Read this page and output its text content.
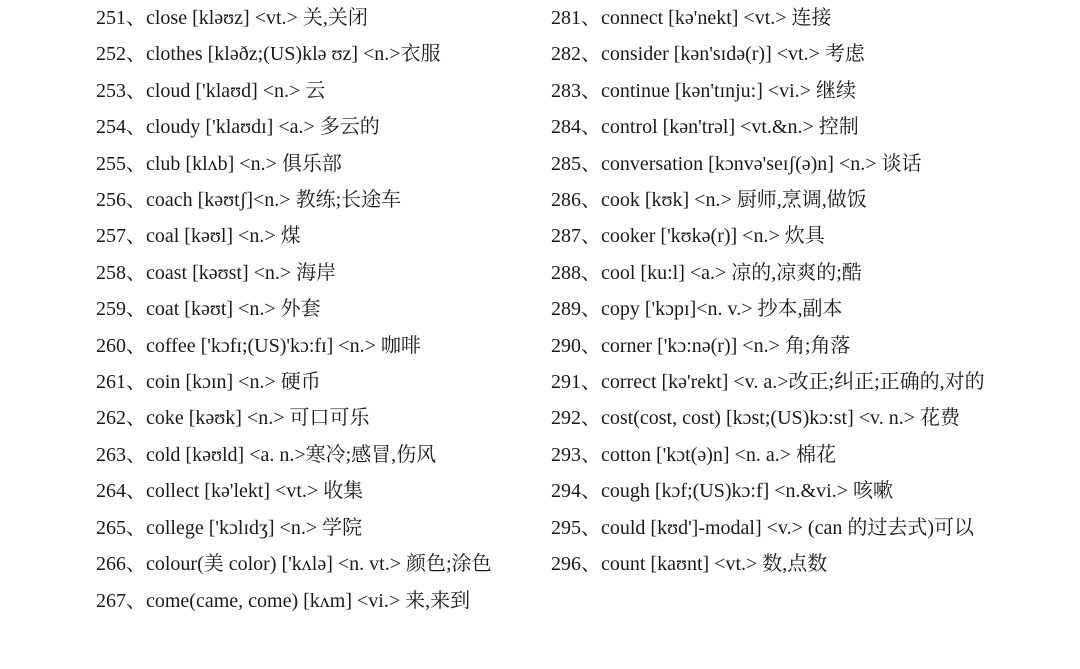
251、close [kləʊz] <vt.> 关,关闭
252、clothes [kləðz;(US)klə ʊz] <n.>衣服
253、cloud ['klaʊd] <n.> 云
254、cloudy ['klaʊdɪ] <a.> 多云的
255、club [klʌb] <n.> 俱乐部
256、coach [kəʊtʃ]<n.> 教练;长途车
257、coal [kəʊl] <n.> 煤
258、coast [kəʊst] <n.> 海岸
259、coat [kəʊt] <n.> 外套
260、coffee ['kɔfɪ;(US)'kɔ:fɪ] <n.> 咖啡
261、coin [kɔɪn] <n.> 硬币
262、coke [kəʊk] <n.> 可口可乐
263、cold [kəʊld] <a. n.>寒冷;感冒,伤风
264、collect [kə'lekt] <vt.> 收集
265、college ['kɔlɪdʒ] <n.> 学院
266、colour(美 color) ['kʌlə] <n. vt.> 颜色;涂色
267、come(came, come) [kʌm] <vi.> 来,来到
281、connect [kə'nekt] <vt.> 连接
282、consider [kən'sɪdə(r)] <vt.> 考虑
283、continue [kən'tɪnju:] <vi.> 继续
284、control [kən'trəl] <vt.&n.> 控制
285、conversation [kɔnvə'seɪʃ(ə)n] <n.> 谈话
286、cook [kʊk] <n.> 厨师,烹调,做饭
287、cooker ['kʊkə(r)] <n.> 炊具
288、cool [ku:l] <a.> 凉的,凉爽的;酷
289、copy ['kɔpɪ]<n. v.> 抄本,副本
290、corner ['kɔ:nə(r)] <n.> 角;角落
291、correct [kə'rekt] <v. a.>改正;纠正;正确的,对的
292、cost(cost, cost) [kɔst;(US)kɔ:st] <v. n.> 花费
293、cotton ['kɔt(ə)n] <n. a.> 棉花
294、cough [kɔf;(US)kɔ:f] <n.&vi.> 咳嗽
295、could [kʊd']-modal] <v.> (can 的过去式)可以
296、count [kaʊnt] <vt.> 数,点数
